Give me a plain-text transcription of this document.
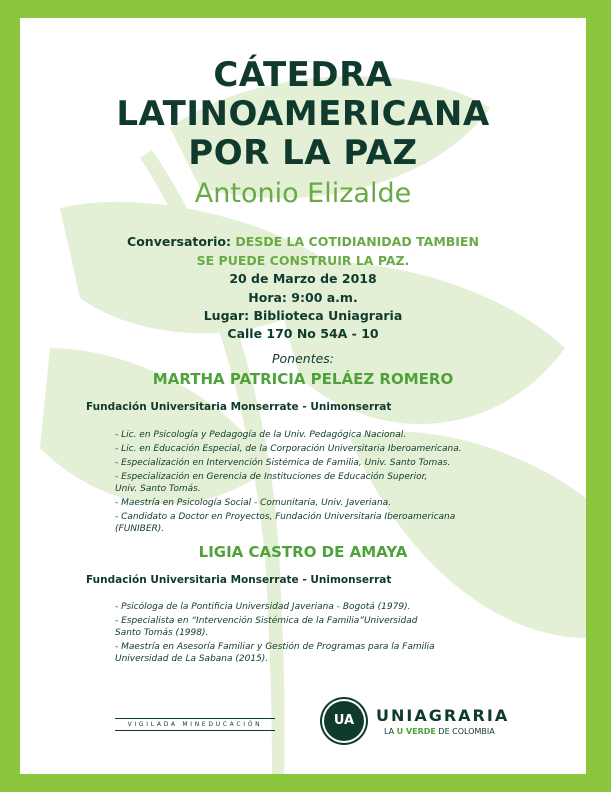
CÁTEDRA
LATINOAMERICANA
POR LA PAZ
Antonio Elizalde
Conversatorio: DESDE LA COTIDIANIDAD TAMBIEN
SE PUEDE CONSTRUIR LA PAZ.
20 de Marzo de 2018
Hora: 9:00 a.m.
Lugar: Biblioteca Uniagraria
Calle 170 No 54A - 10
Ponentes:
MARTHA PATRICIA PELÁEZ ROMERO
Fundación Universitaria Monserrate - Unimonserrat
- Lic. en Psicología y Pedagogía de la Univ. Pedagógica Nacional.
- Lic. en Educación Especial, de la Corporación Universitaria Iberoamericana.
- Especialización en Intervención Sistémica de Familia, Univ. Santo Tomas.
- Especialización en Gerencia de Instituciones de Educación Superior,
Univ. Santo Tomás.
- Maestría en Psicología Social - Comunitaria, Univ. Javeriana.
- Candidato a Doctor en Proyectos, Fundación Universitaria Iberoamericana
(FUNIBER).
LIGIA CASTRO DE AMAYA
Fundación Universitaria Monserrate - Unimonserrat
- Psicóloga de la Pontificia Universidad Javeriana - Bogotá (1979).
- Especialista en “Intervención Sistémica de la Familia”Universidad
Santo Tomás (1998).
- Maestría en Asesoría Familiar y Gestión de Programas para la Familia
Universidad de La Sabana (2015).
VIGILADA MINEDUCACIÓN	UA	UNIAGRARIA
LA U VERDE DE COLOMBIA
